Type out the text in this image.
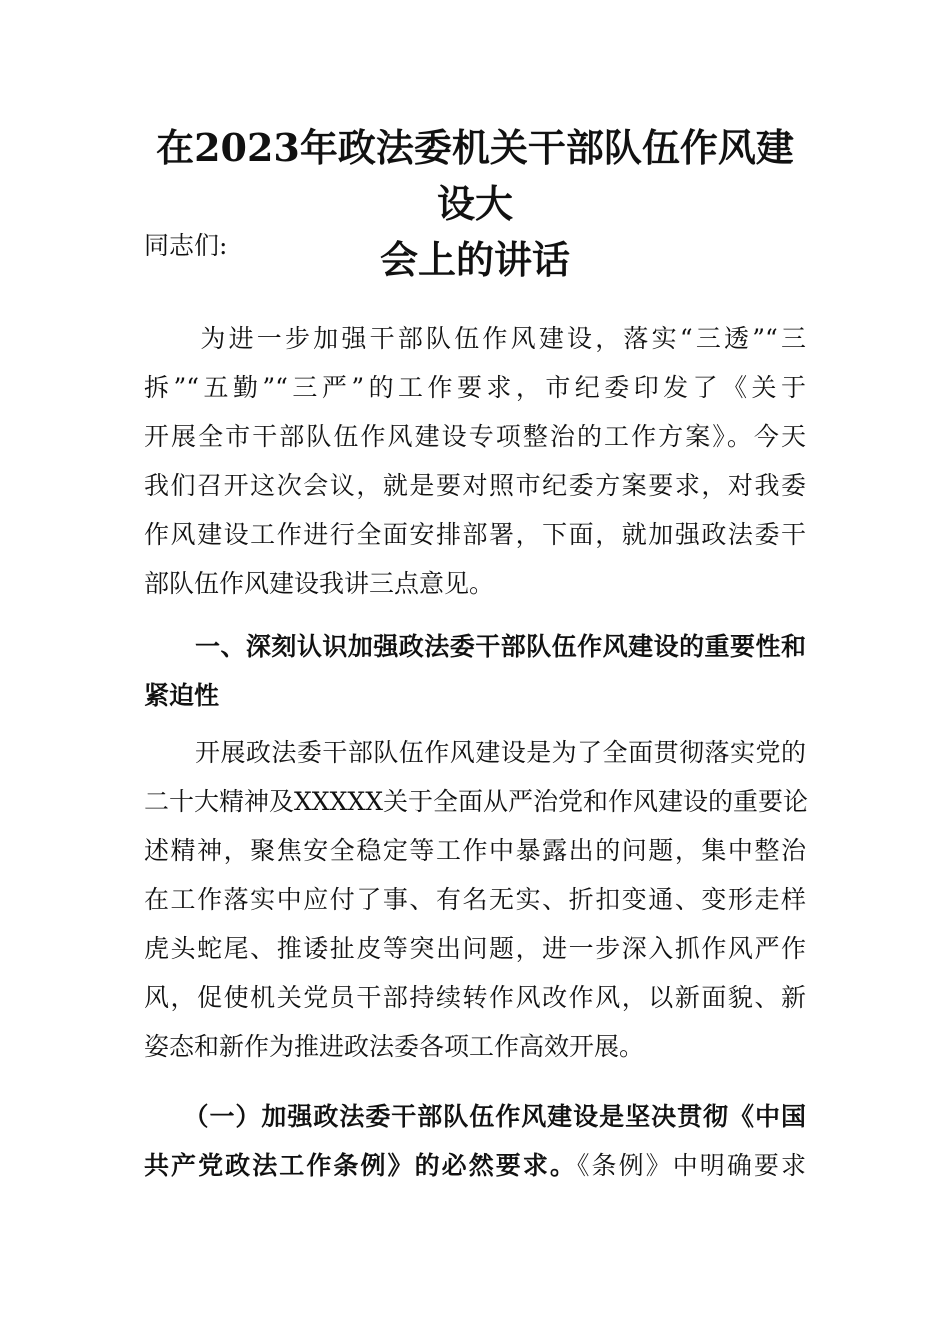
在2023年政法委机关干部队伍作风建设大
会上的讲话
同志们:
　　为进一步加强干部队伍作风建设，落实“三透”“三
拆”“五勤”“三严”的工作要求，市纪委印发了《关于
开展全市干部队伍作风建设专项整治的工作方案》。今天
我们召开这次会议，就是要对照市纪委方案要求，对我委
作风建设工作进行全面安排部署，下面，就加强政法委干
部队伍作风建设我讲三点意见。
　　一、深刻认识加强政法委干部队伍作风建设的重要性和
紧迫性
　　开展政法委干部队伍作风建设是为了全面贯彻落实党的
二十大精神及XXXXX关于全面从严治党和作风建设的重要论
述精神，聚焦安全稳定等工作中暴露出的问题，集中整治
在工作落实中应付了事、有名无实、折扣变通、变形走样
虎头蛇尾、推诿扯皮等突出问题，进一步深入抓作风严作
风，促使机关党员干部持续转作风改作风，以新面貌、新
姿态和新作为推进政法委各项工作高效开展。
　　（一）加强政法委干部队伍作风建设是坚决贯彻《中国
共产党政法工作条例》的必然要求。《条例》中明确要求
